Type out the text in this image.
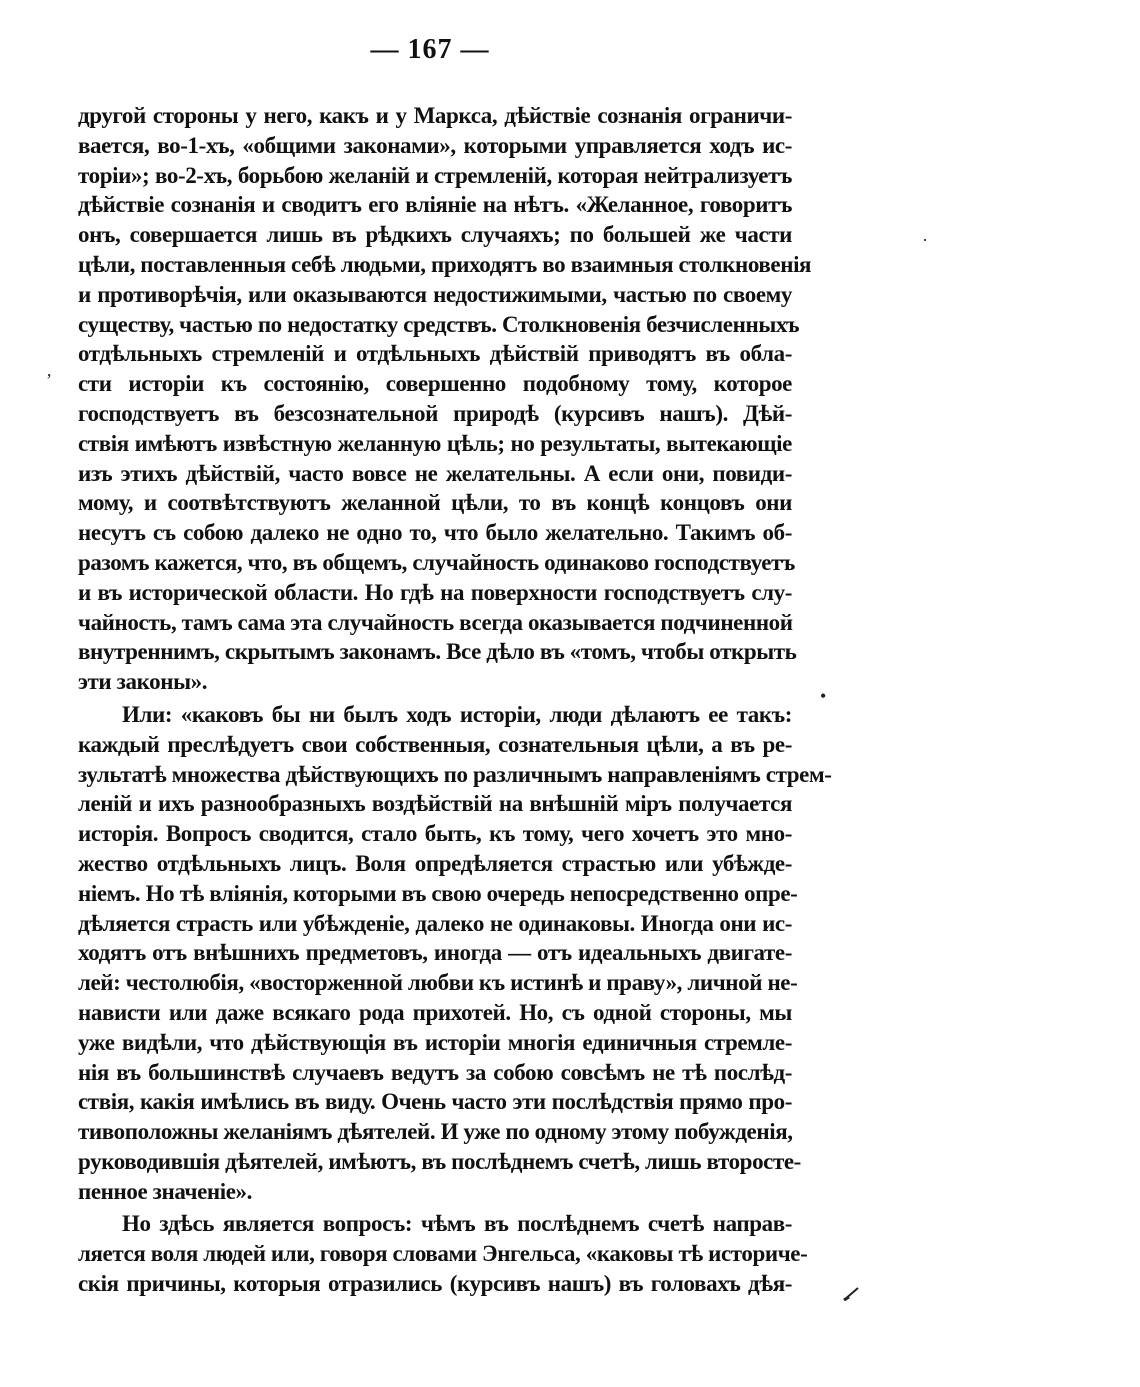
— 167 —
·
ʼ
•
другой стороны у него, какъ и у Маркса, дѣйствіе сознанія ограничи-
вается, во-1-хъ, «общими законами», которыми управляется ходъ ис-
торіи»; во-2-хъ, борьбою желаній и стремленій, которая нейтрализуетъ
дѣйствіе сознанія и сводитъ его вліяніе на нѣтъ. «Желанное, говоритъ
онъ, совершается лишь въ рѣдкихъ случаяхъ; по большей же части
цѣли, поставленныя себѣ людьми, приходятъ во взаимныя столкновенія
и противорѣчія, или оказываются недостижимыми, частью по своему
существу, частью по недостатку средствъ. Столкновенія безчисленныхъ
отдѣльныхъ стремленій и отдѣльныхъ дѣйствій приводятъ въ обла-
сти исторіи къ состоянію, совершенно подобному тому, которое
господствуетъ въ безсознательной природѣ (курсивъ нашъ). Дѣй-
ствія имѣютъ извѣстную желанную цѣль; но результаты, вытекающіе
изъ этихъ дѣйствій, часто вовсе не желательны. А если они, повиди-
мому, и соотвѣтствуютъ желанной цѣли, то въ концѣ концовъ они
несутъ съ собою далеко не одно то, что было желательно. Такимъ об-
разомъ кажется, что, въ общемъ, случайность одинаково господствуетъ
и въ исторической области. Но гдѣ на поверхности господствуетъ слу-
чайность, тамъ сама эта случайность всегда оказывается подчиненной
внутреннимъ, скрытымъ законамъ. Все дѣло въ «томъ, чтобы открыть
эти законы».
Или: «каковъ бы ни былъ ходъ исторіи, люди дѣлаютъ ее такъ:
каждый преслѣдуетъ свои собственныя, сознательныя цѣли, а въ ре-
зультатѣ множества дѣйствующихъ по различнымъ направленіямъ стрем-
леній и ихъ разнообразныхъ воздѣйствій на внѣшній міръ получается
исторія. Вопросъ сводится, стало быть, къ тому, чего хочетъ это мно-
жество отдѣльныхъ лицъ. Воля опредѣляется страстью или убѣжде-
ніемъ. Но тѣ вліянія, которыми въ свою очередь непосредственно опре-
дѣляется страсть или убѣжденіе, далеко не одинаковы. Иногда они ис-
ходятъ отъ внѣшнихъ предметовъ, иногда — отъ идеальныхъ двигате-
лей: честолюбія, «восторженной любви къ истинѣ и праву», личной не-
нависти или даже всякаго рода прихотей. Но, съ одной стороны, мы
уже видѣли, что дѣйствующія въ исторіи многія единичныя стремле-
нія въ большинствѣ случаевъ ведутъ за собою совсѣмъ не тѣ послѣд-
ствія, какія имѣлись въ виду. Очень часто эти послѣдствія прямо про-
тивоположны желаніямъ дѣятелей. И уже по одному этому побужденія,
руководившія дѣятелей, имѣютъ, въ послѣднемъ счетѣ, лишь второсте-
пенное значеніе».
Но здѣсь является вопросъ: чѣмъ въ послѣднемъ счетѣ направ-
ляется воля людей или, говоря словами Энгельса, «каковы тѣ историче-
скія причины, которыя отразились (курсивъ нашъ) въ головахъ дѣя-
